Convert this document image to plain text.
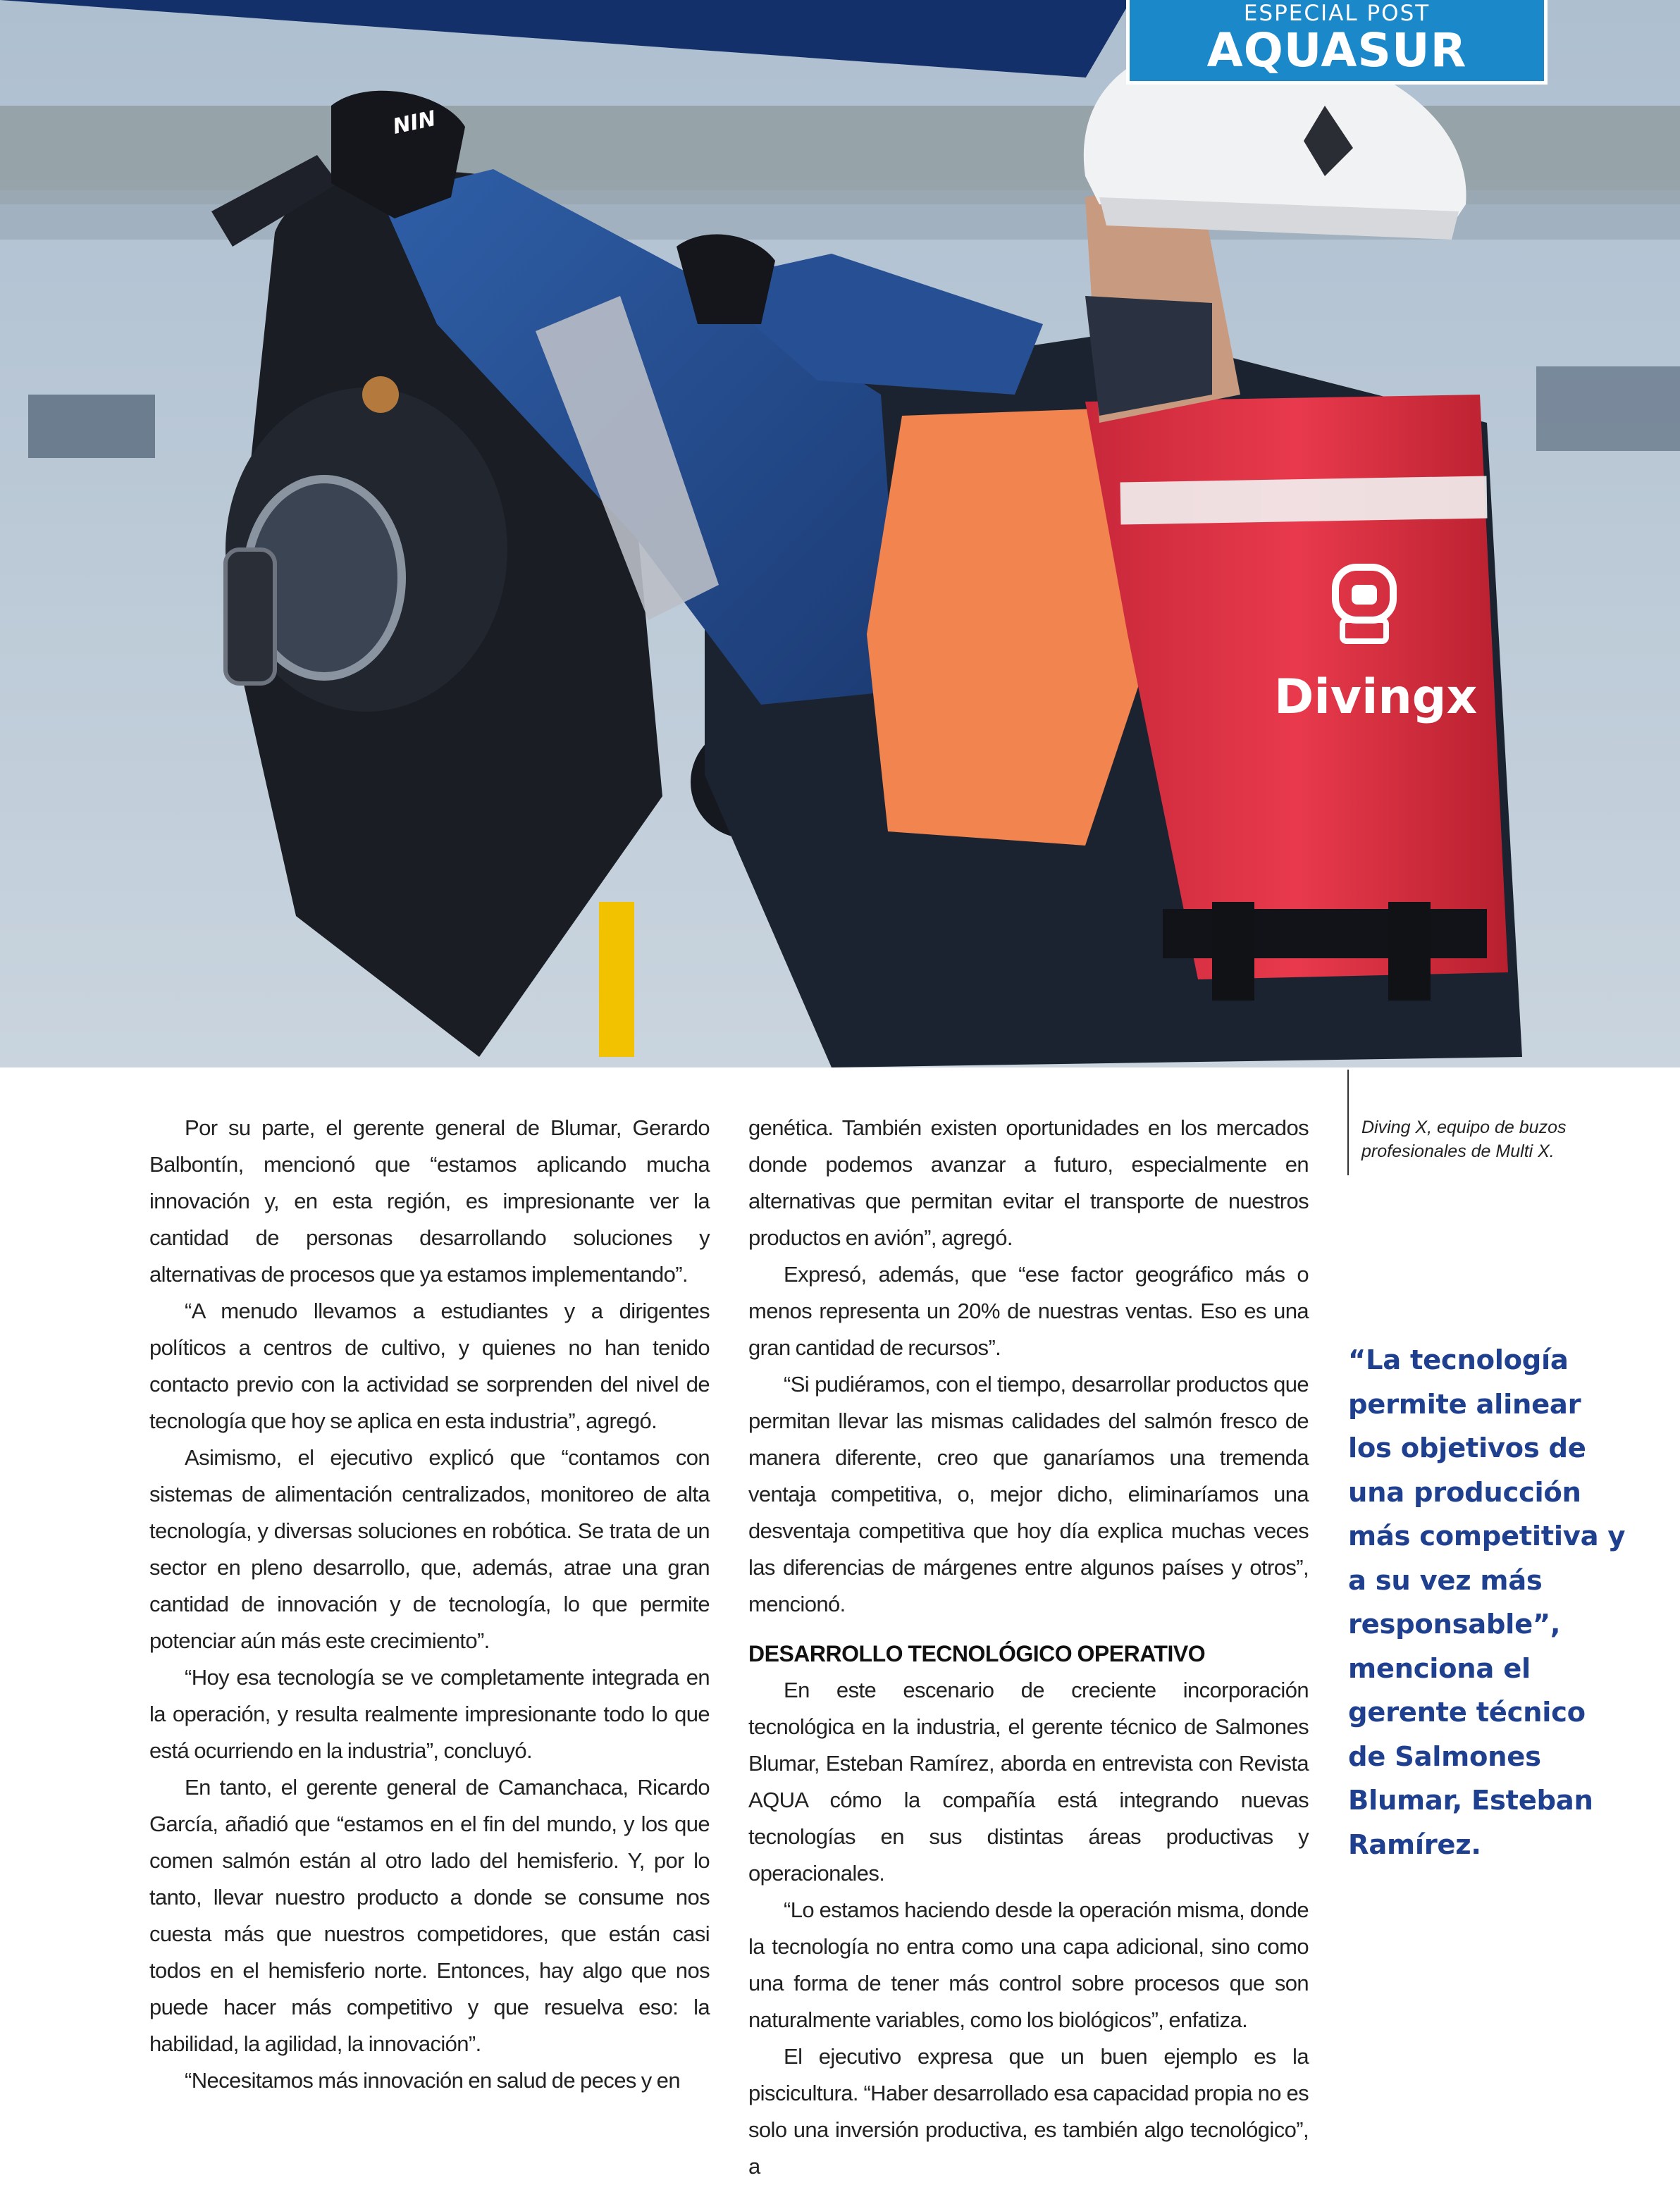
Divingx
NIN
ESPECIAL POST
AQUASUR

Por su parte, el gerente general de Blumar, Gerardo Balbontín, mencionó que “estamos aplicando mucha innovación y, en esta región, es impresionante ver la cantidad de personas desarrollando soluciones y alternativas de procesos que ya estamos implementando”.

“A menudo llevamos a estudiantes y a dirigentes políticos a centros de cultivo, y quienes no han tenido contacto previo con la actividad se sorprenden del nivel de tecnología que hoy se aplica en esta industria”, agregó.

Asimismo, el ejecutivo explicó que “contamos con sistemas de alimentación centralizados, monitoreo de alta tecnología, y diversas soluciones en robótica. Se trata de un sector en pleno desarrollo, que, además, atrae una gran cantidad de innovación y de tecnología, lo que permite potenciar aún más este crecimiento”.

“Hoy esa tecnología se ve completamente integrada en la operación, y resulta realmente impresionante todo lo que está ocurriendo en la industria”, concluyó.

En tanto, el gerente general de Camanchaca, Ricardo García, añadió que “estamos en el fin del mundo, y los que comen salmón están al otro lado del hemisferio. Y, por lo tanto, llevar nuestro producto a donde se consume nos cuesta más que nuestros competidores, que están casi todos en el hemisferio norte. Entonces, hay algo que nos puede hacer más competitivo y que resuelva eso: la habilidad, la agilidad, la innovación”.

“Necesitamos más innovación en salud de peces y en

genética. También existen oportunidades en los mercados donde podemos avanzar a futuro, especialmente en alternativas que permitan evitar el transporte de nuestros productos en avión”, agregó.

Expresó, además, que “ese factor geográfico más o menos representa un 20% de nuestras ventas. Eso es una gran cantidad de recursos”.

“Si pudiéramos, con el tiempo, desarrollar productos que permitan llevar las mismas calidades del salmón fresco de manera diferente, creo que ganaríamos una tremenda ventaja competitiva, o, mejor dicho, eliminaríamos una desventaja competitiva que hoy día explica muchas veces las diferencias de márgenes entre algunos países y otros”, mencionó.

DESARROLLO TECNOLÓGICO OPERATIVO

En este escenario de creciente incorporación tecnológica en la industria, el gerente técnico de Salmones Blumar, Esteban Ramírez, aborda en entrevista con Revista AQUA cómo la compañía está integrando nuevas tecnologías en sus distintas áreas productivas y operacionales.

“Lo estamos haciendo desde la operación misma, donde la tecnología no entra como una capa adicional, sino como una forma de tener más control sobre procesos que son naturalmente variables, como los biológicos”, enfatiza.

El ejecutivo expresa que un buen ejemplo es la piscicultura. “Haber desarrollado esa capacidad propia no es solo una inversión productiva, es también algo tecnológico”, a

Diving X, equipo de buzos profesionales de Multi X.
“La tecnología permite alinear los objetivos de una producción más competitiva y a su vez más responsable”, menciona el gerente técnico de Salmones Blumar, Esteban Ramírez.
